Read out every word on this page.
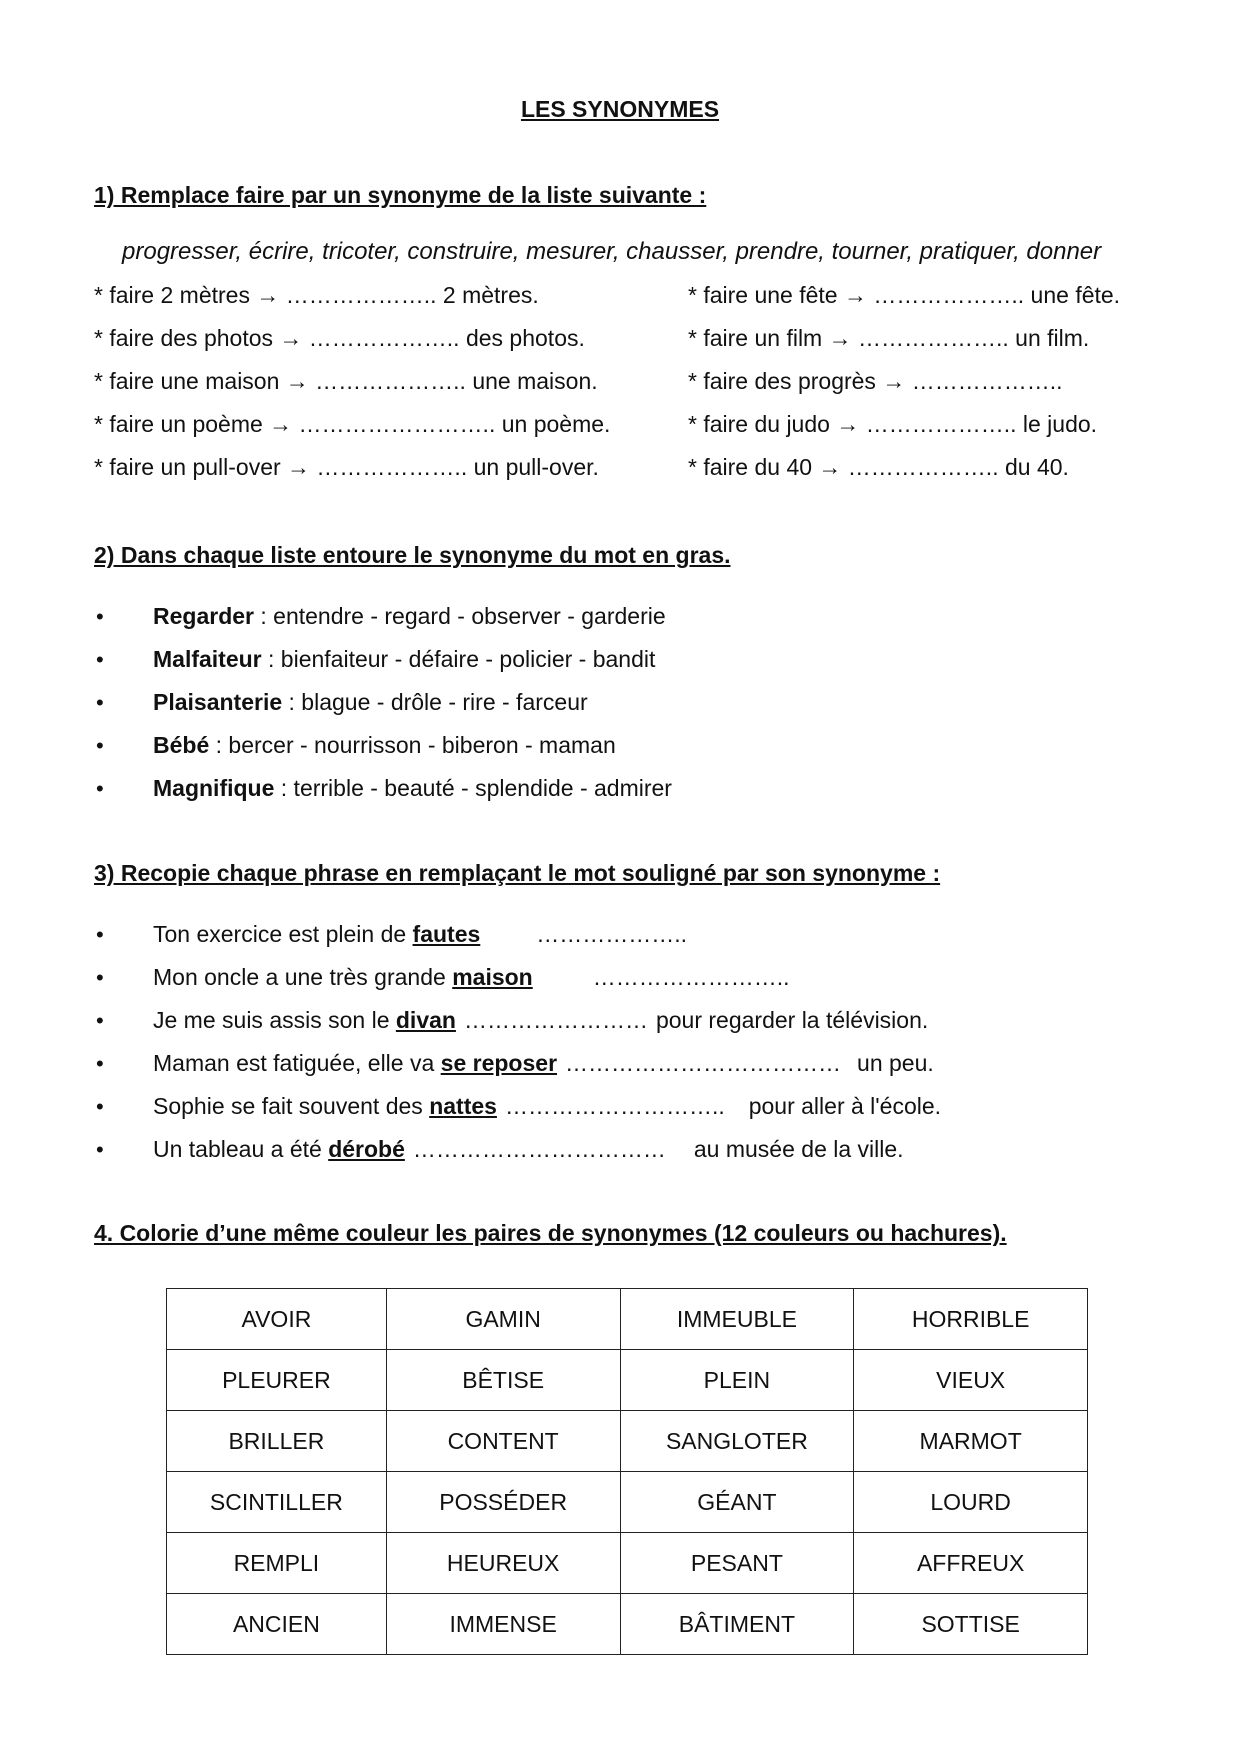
LES SYNONYMES
1) Remplace faire par un synonyme de la liste suivante :
progresser, écrire, tricoter, construire, mesurer, chausser, prendre, tourner, pratiquer, donner
* faire 2 mètres → ……………….. 2 mètres.
* faire des photos → ……………….. des photos.
* faire une maison → ……………….. une maison.
* faire un poème → …………………….. un poème.
* faire un pull-over → ……………….. un pull-over.
* faire une fête → ……………….. une fête.
* faire un film → ……………….. un film.
* faire des progrès → ………………..
* faire du judo → ……………….. le judo.
* faire du 40 → ……………….. du 40.
2) Dans chaque liste entoure le synonyme du mot en gras.
• Regarder : entendre - regard - observer - garderie
• Malfaiteur : bienfaiteur - défaire - policier - bandit
• Plaisanterie : blague - drôle - rire - farceur
• Bébé : bercer - nourrisson - biberon - maman
• Magnifique : terrible - beauté - splendide - admirer
3) Recopie chaque phrase en remplaçant le mot souligné par son synonyme :
• Ton exercice est plein de fautes ………………..
• Mon oncle a une très grande maison	……………………..
• Je me suis assis son le divan …………………… pour regarder la télévision.
• Maman est fatiguée, elle va se reposer ……………………………… un peu.
• Sophie se fait souvent des nattes ……………………….. pour aller à l'école.
• Un tableau a été dérobé …………………………… au musée de la ville.
4. Colorie d’une même couleur les paires de synonymes (12 couleurs ou hachures).
AVOIR	GAMIN	IMMEUBLE	HORRIBLE
PLEURER	BÊTISE	PLEIN	VIEUX
BRILLER	CONTENT	SANGLOTER	MARMOT
SCINTILLER	POSSÉDER	GÉANT	LOURD
REMPLI	HEUREUX	PESANT	AFFREUX
ANCIEN	IMMENSE	BÂTIMENT	SOTTISE
